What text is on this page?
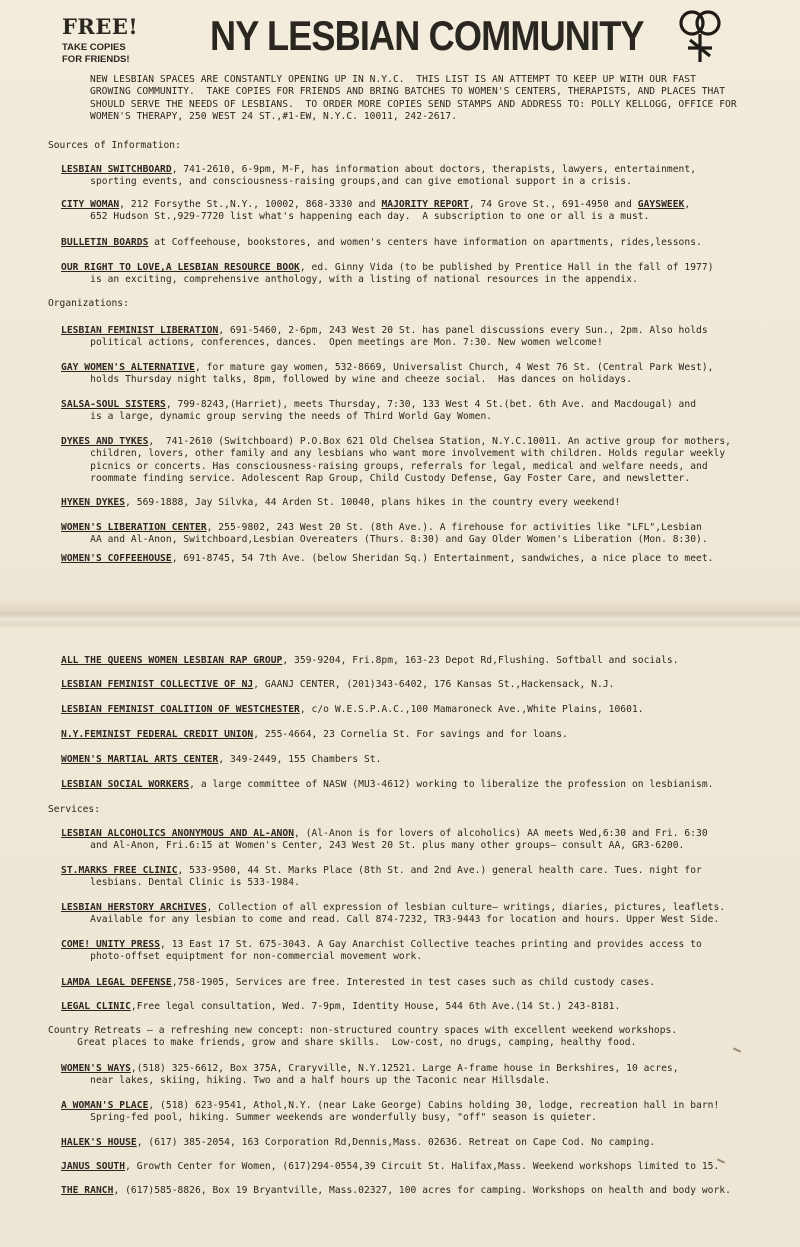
FREE!
TAKE COPIES
FOR FRIENDS!
NY LESBIAN COMMUNITY
NEW LESBIAN SPACES ARE CONSTANTLY OPENING UP IN N.Y.C.  THIS LIST IS AN ATTEMPT TO KEEP UP WITH OUR FAST
GROWING COMMUNITY.  TAKE COPIES FOR FRIENDS AND BRING BATCHES TO WOMEN'S CENTERS, THERAPISTS, AND PLACES THAT
SHOULD SERVE THE NEEDS OF LESBIANS.  TO ORDER MORE COPIES SEND STAMPS AND ADDRESS TO: POLLY KELLOGG, OFFICE FOR
WOMEN'S THERAPY, 250 WEST 24 ST.,#1-EW, N.Y.C. 10011, 242-2617.
Sources of Information:
LESBIAN SWITCHBOARD, 741-2610, 6-9pm, M-F, has information about doctors, therapists, lawyers, entertainment,
sporting events, and consciousness-raising groups,and can give emotional support in a crisis.
CITY WOMAN, 212 Forsythe St.,N.Y., 10002, 868-3330 and MAJORITY REPORT, 74 Grove St., 691-4950 and GAYSWEEK,
652 Hudson St.,929-7720 list what's happening each day.  A subscription to one or all is a must.
BULLETIN BOARDS at Coffeehouse, bookstores, and women's centers have information on apartments, rides,lessons.
OUR RIGHT TO LOVE,A LESBIAN RESOURCE BOOK, ed. Ginny Vida (to be published by Prentice Hall in the fall of 1977)
is an exciting, comprehensive anthology, with a listing of national resources in the appendix.
Organizations:
LESBIAN FEMINIST LIBERATION, 691-5460, 2-6pm, 243 West 20 St. has panel discussions every Sun., 2pm. Also holds
political actions, conferences, dances.  Open meetings are Mon. 7:30. New women welcome!
GAY WOMEN'S ALTERNATIVE, for mature gay women, 532-8669, Universalist Church, 4 West 76 St. (Central Park West),
holds Thursday night talks, 8pm, followed by wine and cheeze social.  Has dances on holidays.
SALSA-SOUL SISTERS, 799-8243,(Harriet), meets Thursday, 7:30, 133 West 4 St.(bet. 6th Ave. and Macdougal) and
is a large, dynamic group serving the needs of Third World Gay Women.
DYKES AND TYKES,  741-2610 (Switchboard) P.O.Box 621 Old Chelsea Station, N.Y.C.10011. An active group for mothers,
children, lovers, other family and any lesbians who want more involvement with children. Holds regular weekly
picnics or concerts. Has consciousness-raising groups, referrals for legal, medical and welfare needs, and
roommate finding service. Adolescent Rap Group, Child Custody Defense, Gay Foster Care, and newsletter.
HYKEN DYKES, 569-1888, Jay Silvka, 44 Arden St. 10040, plans hikes in the country every weekend!
WOMEN'S LIBERATION CENTER, 255-9802, 243 West 20 St. (8th Ave.). A firehouse for activities like "LFL",Lesbian
AA and Al-Anon, Switchboard,Lesbian Overeaters (Thurs. 8:30) and Gay Older Women's Liberation (Mon. 8:30).
WOMEN'S COFFEEHOUSE, 691-8745, 54 7th Ave. (below Sheridan Sq.) Entertainment, sandwiches, a nice place to meet.
ALL THE QUEENS WOMEN LESBIAN RAP GROUP, 359-9204, Fri.8pm, 163-23 Depot Rd,Flushing. Softball and socials.
LESBIAN FEMINIST COLLECTIVE OF NJ, GAANJ CENTER, (201)343-6402, 176 Kansas St.,Hackensack, N.J.
LESBIAN FEMINIST COALITION OF WESTCHESTER, c/o W.E.S.P.A.C.,100 Mamaroneck Ave.,White Plains, 10601.
N.Y.FEMINIST FEDERAL CREDIT UNION, 255-4664, 23 Cornelia St. For savings and for loans.
WOMEN'S MARTIAL ARTS CENTER, 349-2449, 155 Chambers St.
LESBIAN SOCIAL WORKERS, a large committee of NASW (MU3-4612) working to liberalize the profession on lesbianism.
Services:
LESBIAN ALCOHOLICS ANONYMOUS AND AL-ANON, (Al-Anon is for lovers of alcoholics) AA meets Wed,6:30 and Fri. 6:30
and Al-Anon, Fri.6:15 at Women's Center, 243 West 20 St. plus many other groups— consult AA, GR3-6200.
ST.MARKS FREE CLINIC, 533-9500, 44 St. Marks Place (8th St. and 2nd Ave.) general health care. Tues. night for
lesbians. Dental Clinic is 533-1984.
LESBIAN HERSTORY ARCHIVES, Collection of all expression of lesbian culture— writings, diaries, pictures, leaflets.
Available for any lesbian to come and read. Call 874-7232, TR3-9443 for location and hours. Upper West Side.
COME! UNITY PRESS, 13 East 17 St. 675-3043. A Gay Anarchist Collective teaches printing and provides access to
photo-offset equiptment for non-commercial movement work.
LAMDA LEGAL DEFENSE,758-1905, Services are free. Interested in test cases such as child custody cases.
LEGAL CLINIC,Free legal consultation, Wed. 7-9pm, Identity House, 544 6th Ave.(14 St.) 243-8181.
Country Retreats — a refreshing new concept: non-structured country spaces with excellent weekend workshops.
Great places to make friends, grow and share skills.  Low-cost, no drugs, camping, healthy food.
WOMEN'S WAYS,(518) 325-6612, Box 375A, Craryville, N.Y.12521. Large A-frame house in Berkshires, 10 acres,
near lakes, skiing, hiking. Two and a half hours up the Taconic near Hillsdale.
A WOMAN'S PLACE, (518) 623-9541, Athol,N.Y. (near Lake George) Cabins holding 30, lodge, recreation hall in barn!
Spring-fed pool, hiking. Summer weekends are wonderfully busy, "off" season is quieter.
HALEK'S HOUSE, (617) 385-2054, 163 Corporation Rd,Dennis,Mass. 02636. Retreat on Cape Cod. No camping.
JANUS SOUTH, Growth Center for Women, (617)294-0554,39 Circuit St. Halifax,Mass. Weekend workshops limited to 15.
THE RANCH, (617)585-8826, Box 19 Bryantville, Mass.02327, 100 acres for camping. Workshops on health and body work.
